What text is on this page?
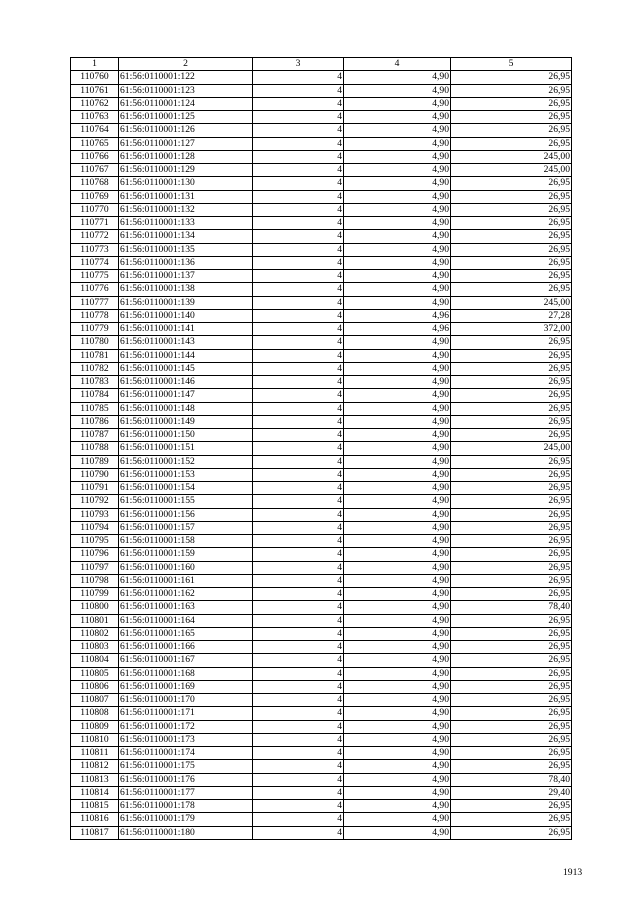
1	2	3	4	5
110760	61:56:0110001:122	4	4,90	26,95
110761	61:56:0110001:123	4	4,90	26,95
110762	61:56:0110001:124	4	4,90	26,95
110763	61:56:0110001:125	4	4,90	26,95
110764	61:56:0110001:126	4	4,90	26,95
110765	61:56:0110001:127	4	4,90	26,95
110766	61:56:0110001:128	4	4,90	245,00
110767	61:56:0110001:129	4	4,90	245,00
110768	61:56:0110001:130	4	4,90	26,95
110769	61:56:0110001:131	4	4,90	26,95
110770	61:56:0110001:132	4	4,90	26,95
110771	61:56:0110001:133	4	4,90	26,95
110772	61:56:0110001:134	4	4,90	26,95
110773	61:56:0110001:135	4	4,90	26,95
110774	61:56:0110001:136	4	4,90	26,95
110775	61:56:0110001:137	4	4,90	26,95
110776	61:56:0110001:138	4	4,90	26,95
110777	61:56:0110001:139	4	4,90	245,00
110778	61:56:0110001:140	4	4,96	27,28
110779	61:56:0110001:141	4	4,96	372,00
110780	61:56:0110001:143	4	4,90	26,95
110781	61:56:0110001:144	4	4,90	26,95
110782	61:56:0110001:145	4	4,90	26,95
110783	61:56:0110001:146	4	4,90	26,95
110784	61:56:0110001:147	4	4,90	26,95
110785	61:56:0110001:148	4	4,90	26,95
110786	61:56:0110001:149	4	4,90	26,95
110787	61:56:0110001:150	4	4,90	26,95
110788	61:56:0110001:151	4	4,90	245,00
110789	61:56:0110001:152	4	4,90	26,95
110790	61:56:0110001:153	4	4,90	26,95
110791	61:56:0110001:154	4	4,90	26,95
110792	61:56:0110001:155	4	4,90	26,95
110793	61:56:0110001:156	4	4,90	26,95
110794	61:56:0110001:157	4	4,90	26,95
110795	61:56:0110001:158	4	4,90	26,95
110796	61:56:0110001:159	4	4,90	26,95
110797	61:56:0110001:160	4	4,90	26,95
110798	61:56:0110001:161	4	4,90	26,95
110799	61:56:0110001:162	4	4,90	26,95
110800	61:56:0110001:163	4	4,90	78,40
110801	61:56:0110001:164	4	4,90	26,95
110802	61:56:0110001:165	4	4,90	26,95
110803	61:56:0110001:166	4	4,90	26,95
110804	61:56:0110001:167	4	4,90	26,95
110805	61:56:0110001:168	4	4,90	26,95
110806	61:56:0110001:169	4	4,90	26,95
110807	61:56:0110001:170	4	4,90	26,95
110808	61:56:0110001:171	4	4,90	26,95
110809	61:56:0110001:172	4	4,90	26,95
110810	61:56:0110001:173	4	4,90	26,95
110811	61:56:0110001:174	4	4,90	26,95
110812	61:56:0110001:175	4	4,90	26,95
110813	61:56:0110001:176	4	4,90	78,40
110814	61:56:0110001:177	4	4,90	29,40
110815	61:56:0110001:178	4	4,90	26,95
110816	61:56:0110001:179	4	4,90	26,95
110817	61:56:0110001:180	4	4,90	26,95
1913
